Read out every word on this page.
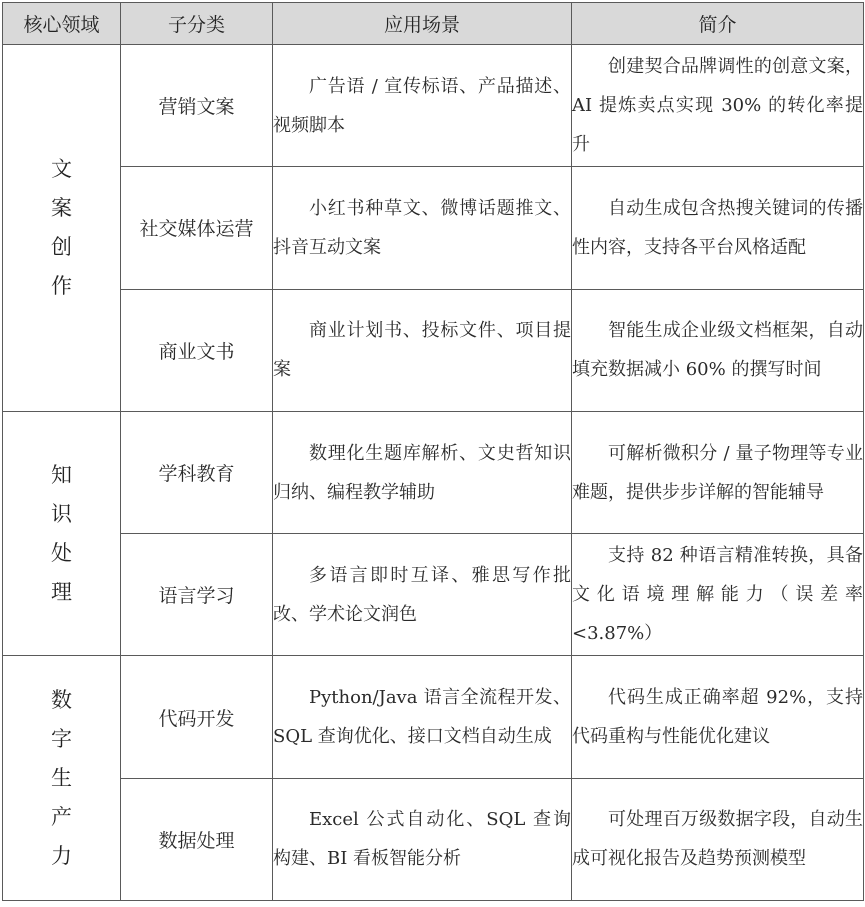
核心领域	子分类	应用场景	简介
文案创作	营销文案	广告语 / 宣传标语、产品描述、视频脚本	创建契合品牌调性的创意文案，AI 提炼卖点实现 30% 的转化率提升
	社交媒体运营	小红书种草文、微博话题推文、抖音互动文案	自动生成包含热搜关键词的传播性内容，支持各平台风格适配
	商业文书	商业计划书、投标文件、项目提案	智能生成企业级文档框架，自动填充数据减小 60% 的撰写时间
知识处理	学科教育	数理化生题库解析、文史哲知识归纳、编程教学辅助	可解析微积分 / 量子物理等专业难题，提供步步详解的智能辅导
	语言学习	多语言即时互译、雅思写作批改、学术论文润色	支持 82 种语言精准转换，具备文化语境理解能力（误差率 <3.87%）
数字生产力	代码开发	Python/Java 语言全流程开发、SQL 查询优化、接口文档自动生成	代码生成正确率超 92%，支持代码重构与性能优化建议
	数据处理	Excel 公式自动化、SQL 查询构建、BI 看板智能分析	可处理百万级数据字段，自动生成可视化报告及趋势预测模型
